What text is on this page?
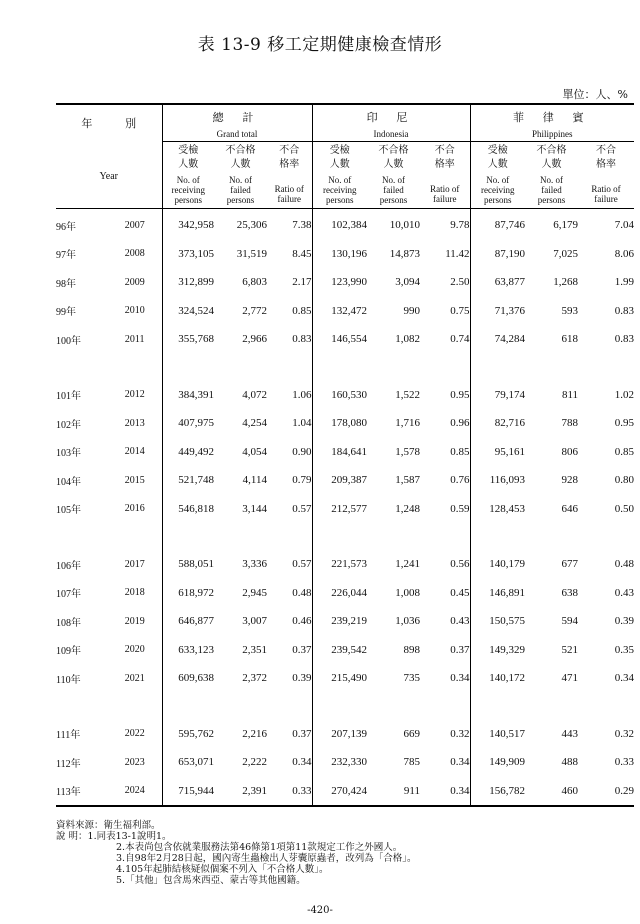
表 13-9 移工定期健康檢查情形
單位：人、%
年 別		總 計
Grand total			印 尼
Indonesia			菲 律 賓
Philippines		

Year		受檢
人數
No. of
receiving
persons	不合格
人數
No. of
failed
persons	不合
格率
Ratio of
failure	受檢
人數
No. of
receiving
persons	不合格
人數
No. of
failed
persons	不合
格率
Ratio of
failure	受檢
人數
No. of
receiving
persons	不合格
人數
No. of
failed
persons	不合
格率
Ratio of
failure

96年	2007	342,958	25,306	7.38	102,384	10,010	9.78	87,746	6,179	7.04
97年	2008	373,105	31,519	8.45	130,196	14,873	11.42	87,190	7,025	8.06
98年	2009	312,899	6,803	2.17	123,990	3,094	2.50	63,877	1,268	1.99
99年	2010	324,524	2,772	0.85	132,472	990	0.75	71,376	593	0.83
100年	2011	355,768	2,966	0.83	146,554	1,082	0.74	74,284	618	0.83

101年	2012	384,391	4,072	1.06	160,530	1,522	0.95	79,174	811	1.02
102年	2013	407,975	4,254	1.04	178,080	1,716	0.96	82,716	788	0.95
103年	2014	449,492	4,054	0.90	184,641	1,578	0.85	95,161	806	0.85
104年	2015	521,748	4,114	0.79	209,387	1,587	0.76	116,093	928	0.80
105年	2016	546,818	3,144	0.57	212,577	1,248	0.59	128,453	646	0.50

106年	2017	588,051	3,336	0.57	221,573	1,241	0.56	140,179	677	0.48
107年	2018	618,972	2,945	0.48	226,044	1,008	0.45	146,891	638	0.43
108年	2019	646,877	3,007	0.46	239,219	1,036	0.43	150,575	594	0.39
109年	2020	633,123	2,351	0.37	239,542	898	0.37	149,329	521	0.35
110年	2021	609,638	2,372	0.39	215,490	735	0.34	140,172	471	0.34

111年	2022	595,762	2,216	0.37	207,139	669	0.32	140,517	443	0.32
112年	2023	653,071	2,222	0.34	232,330	785	0.34	149,909	488	0.33
113年	2024	715,944	2,391	0.33	270,424	911	0.34	156,782	460	0.29
資料來源：衛生福利部。
說 明：1.同表13-1說明1。
2.本表尚包含依就業服務法第46條第1項第11款規定工作之外國人。
3.自98年2月28日起，國內寄生蟲檢出人芽囊原蟲者，改列為「合格」。
4.105年起肺結核疑似個案不列入「不合格人數」。
5.「其他」包含馬來西亞、蒙古等其他國籍。
-420-
